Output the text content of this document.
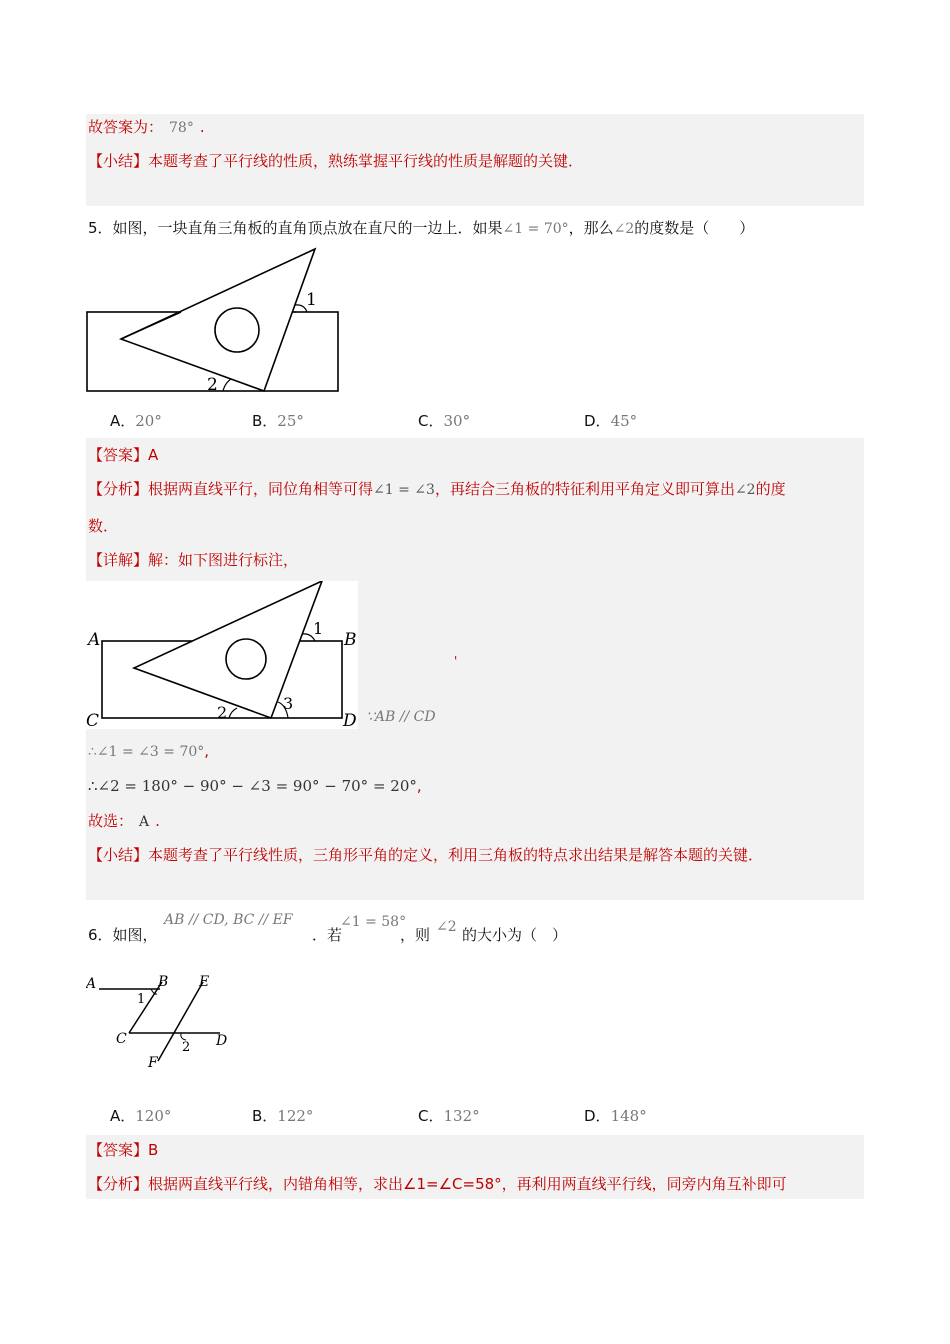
故答案为： 78° .
【小结】本题考查了平行线的性质，熟练掌握平行线的性质是解题的关键．
5．如图，一块直角三角板的直角顶点放在直尺的一边上．如果∠1 = 70°，那么∠2的度数是（　　）
1
2
A．20°	B．25°	C．30°	D．45°
【答案】A
【分析】根据两直线平行，同位角相等可得∠1 = ∠3，再结合三角板的特征利用平角定义即可算出∠2的度
数．
【详解】解：如下图进行标注，
A	B
C	D
1
2	3
'
∵AB // CD
∴∠1 = ∠3 = 70°,
∴∠2 = 180° − 90° − ∠3 = 90° − 70° = 20°,
故选： A .
【小结】本题考查了平行线性质，三角形平角的定义，利用三角板的特点求出结果是解答本题的关键．
6．如图，
AB // CD, BC // EF
．若
∠1 = 58°
，则 ∠2 的大小为（　）
A	B E
1
C	D
2
F
A．120°	B．122°	C．132°	D．148°
【答案】B
【分析】根据两直线平行线，内错角相等，求出∠1=∠C=58°，再利用两直线平行线，同旁内角互补即可
